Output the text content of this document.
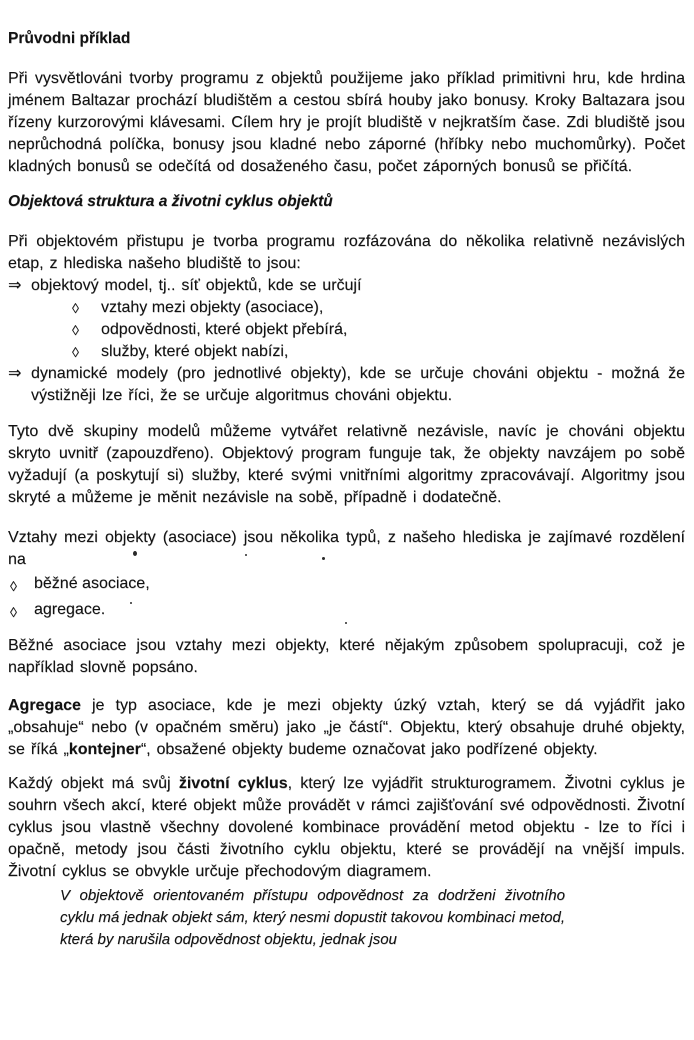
Průvodni příklad

Při vysvětlováni tvorby programu z objektů použijeme jako příklad primitivni hru, kde hrdina jménem Baltazar prochází bludištěm a cestou sbírá houby jako bonusy. Kroky Baltazara jsou řízeny kurzorovými klávesami. Cílem hry je projít bludiště v nejkratším čase. Zdi bludiště jsou neprůchodná políčka, bonusy jsou kladné nebo záporné (hříbky nebo muchomůrky). Počet kladných bonusů se odečítá od dosaženého času, počet záporných bonusů se přičítá.

Objektová struktura a životni cyklus objektů

Při objektovém přistupu je tvorba programu rozfázována do několika relativně nezávislých etap, z hlediska našeho bludiště to jsou:

⇒ objektový model, tj.. síť objektů, kde se určují
◊ vztahy mezi objekty (asociace),
◊ odpovědnosti, které objekt přebírá,
◊ služby, které objekt nabízi,
⇒ dynamické modely (pro jednotlivé objekty), kde se určuje chováni objektu - možná že výstižněji lze říci, že se určuje algoritmus chováni objektu.

Tyto dvě skupiny modelů můžeme vytvářet relativně nezávisle, navíc je chováni objektu skryto uvnitř (zapouzdřeno). Objektový program funguje tak, že objekty navzájem po sobě vyžadují (a poskytují si) služby, které svými vnitřními algoritmy zpracovávají. Algoritmy jsou skryté a můžeme je měnit nezávisle na sobě, případně i dodatečně.

Vztahy mezi objekty (asociace) jsou několika typů, z našeho hlediska je zajímavé rozdělení na

◊ běžné asociace,
◊ agregace.

Běžné asociace jsou vztahy mezi objekty, které nějakým způsobem spolupracuji, což je například slovně popsáno.

Agregace je typ asociace, kde je mezi objekty úzký vztah, který se dá vyjádřit jako „obsahuje“ nebo (v opačném směru) jako „je částí“. Objektu, který obsahuje druhé objekty, se říká „kontejner“, obsažené objekty budeme označovat jako podřízené objekty.

Každý objekt má svůj životní cyklus, který lze vyjádřit strukturogramem. Životni cyklus je souhrn všech akcí, které objekt může provádět v rámci zajišťování své odpovědnosti. Životní cyklus jsou vlastně všechny dovolené kombinace provádění metod objektu - lze to říci i opačně, metody jsou části životního cyklu objektu, které se provádějí na vnější impuls. Životní cyklus se obvykle určuje přechodovým diagramem.

V objektově orientovaném přístupu odpovědnost za dodrženi životního cyklu má jednak objekt sám, který nesmi dopustit takovou kombinaci metod, která by narušila odpovědnost objektu, jednak jsou
